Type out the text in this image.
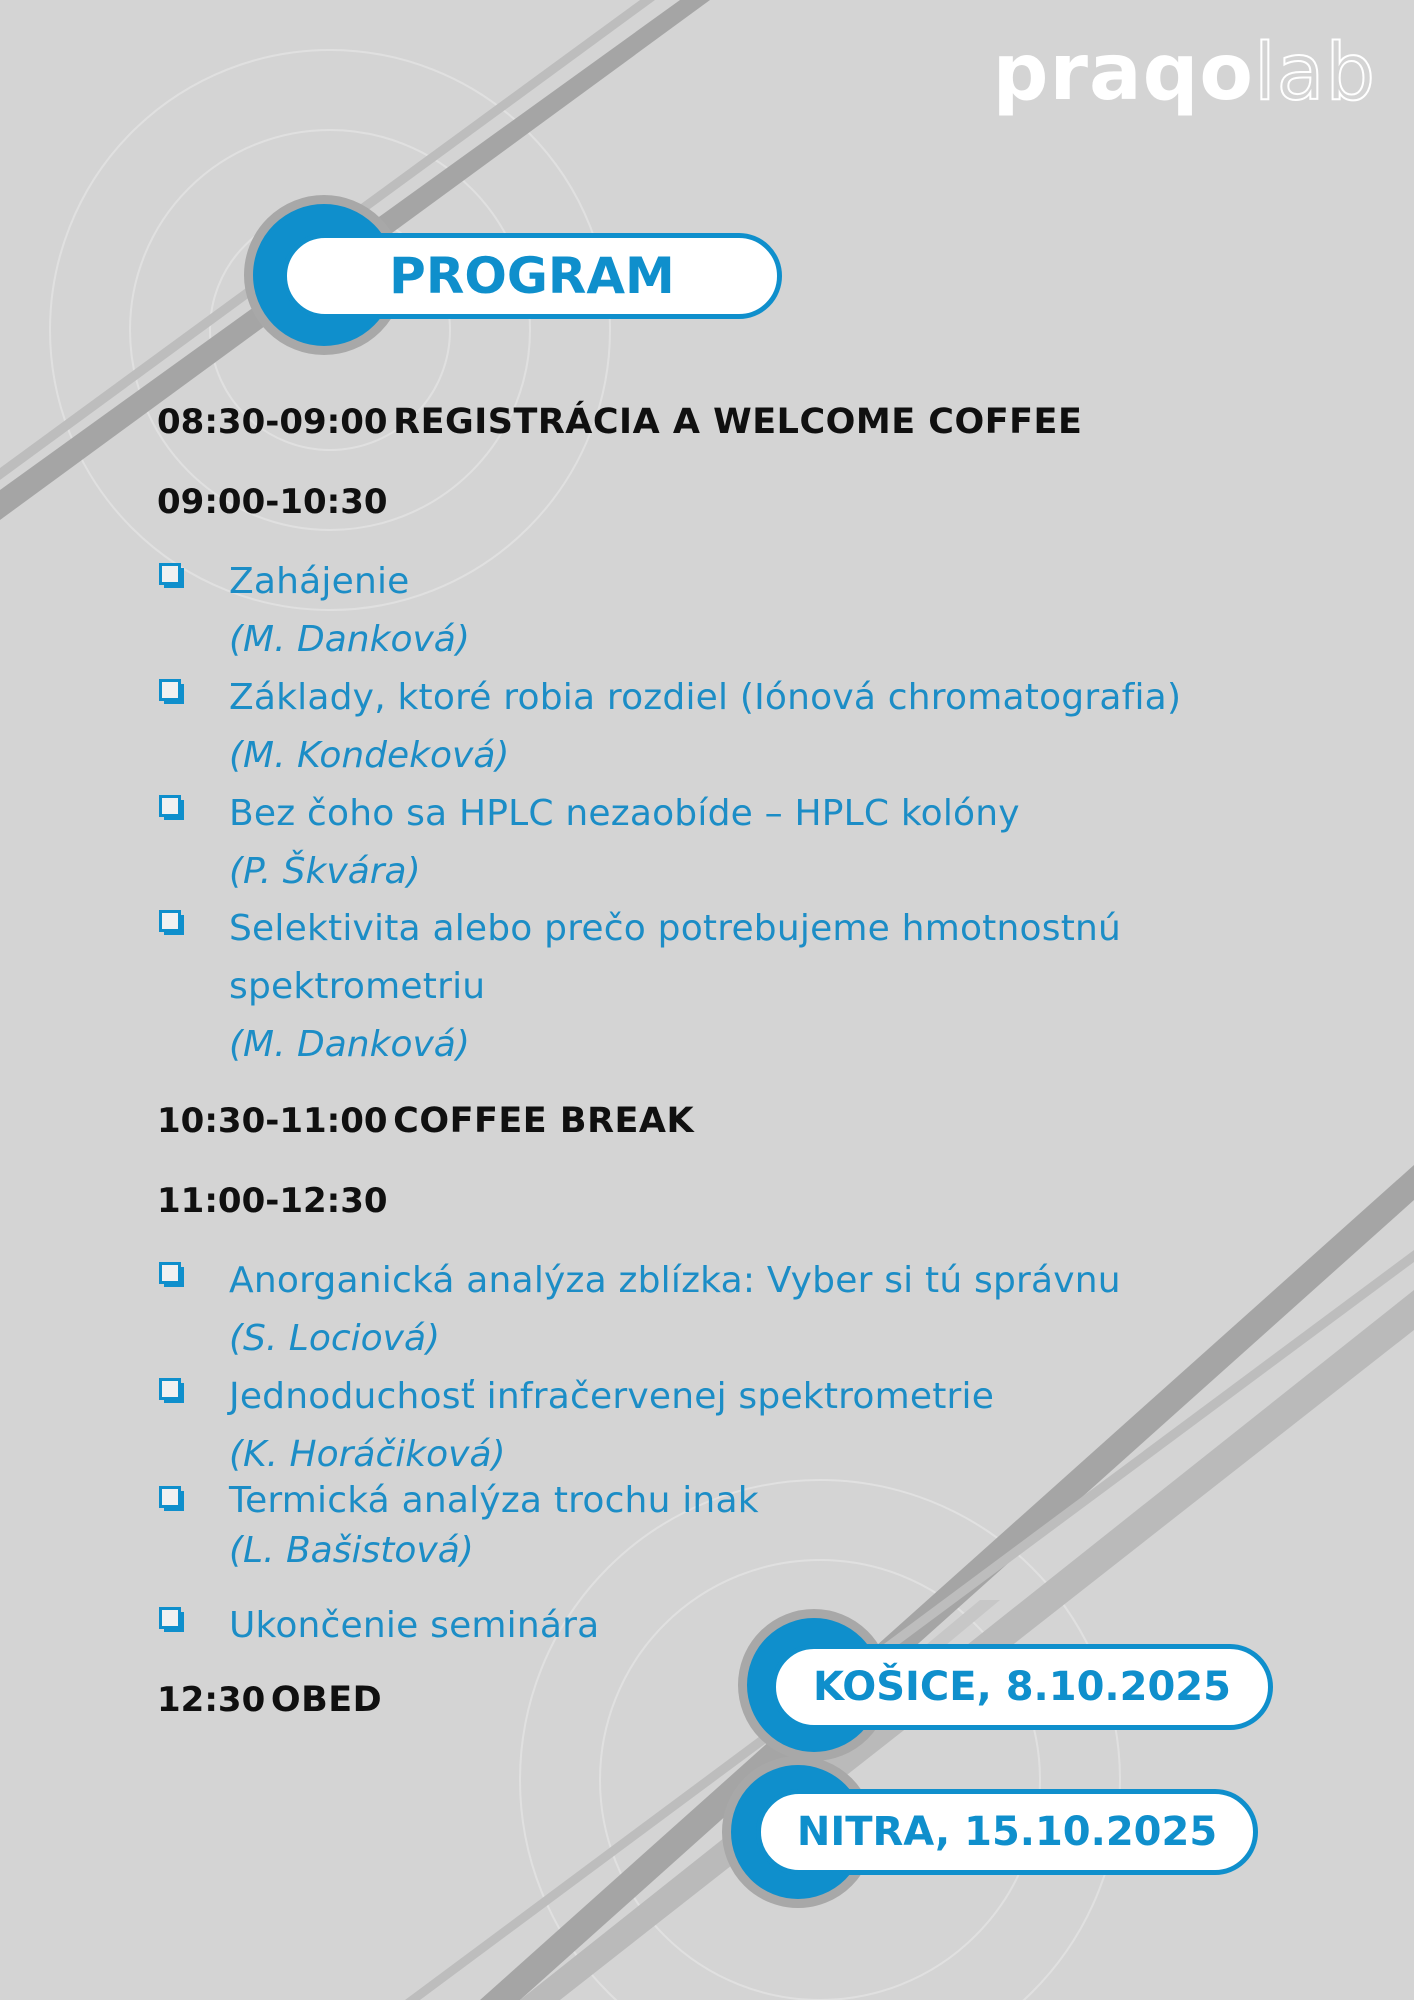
praqolab
PROGRAM
08:30-09:00 REGISTRÁCIA A WELCOME COFFEE
09:00-10:30
Zahájenie
(M. Danková)
Základy, ktoré robia rozdiel (Iónová chromatografia)
(M. Kondeková)
Bez čoho sa HPLC nezaobíde – HPLC kolóny
(P. Škvára)
Selektivita alebo prečo potrebujeme hmotnostnú spektrometriu
(M. Danková)
10:30-11:00 COFFEE BREAK
11:00-12:30
Anorganická analýza zblízka: Vyber si tú správnu
(S. Lociová)
Jednoduchosť infračervenej spektrometrie
(K. Horáčiková)
Termická analýza trochu inak
(L. Bašistová)
Ukončenie seminára
12:30 OBED	KOŠICE, 8.10.2025
NITRA, 15.10.2025
